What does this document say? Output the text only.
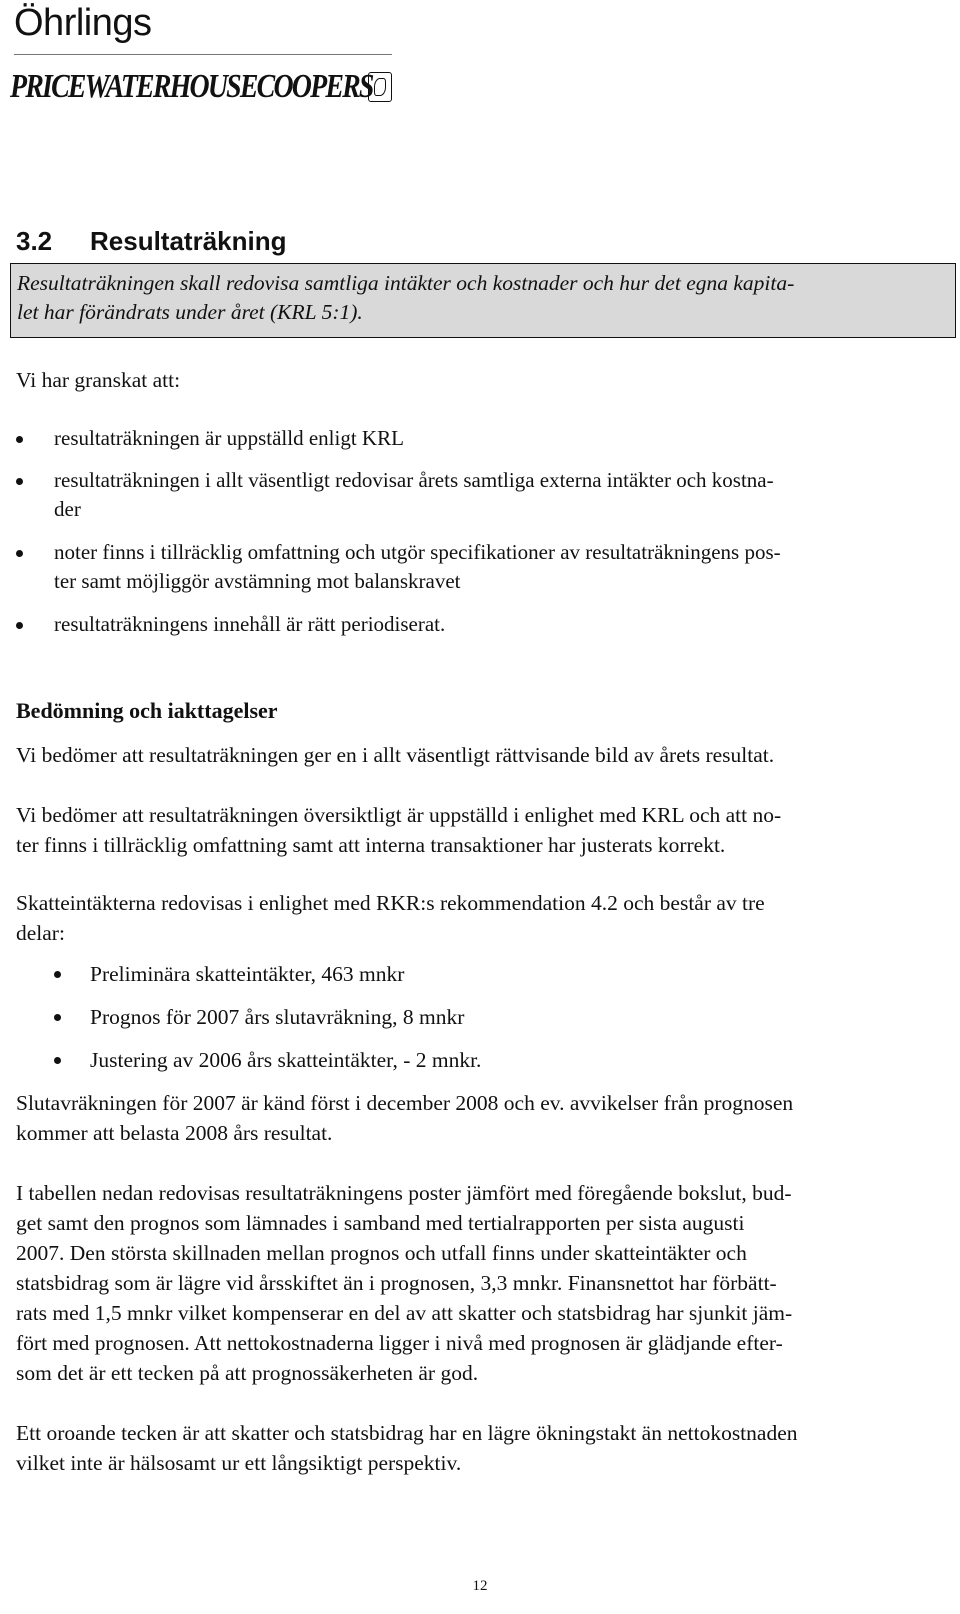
Öhrlings
PRICEWATERHOUSECOOPERS
3.2 Resultaträkning
Resultaträkningen skall redovisa samtliga intäkter och kostnader och hur det egna kapita-
let har förändrats under året (KRL 5:1).

Vi har granskat att:

resultaträkningen är uppställd enligt KRL
resultaträkningen i allt väsentligt redovisar årets samtliga externa intäkter och kostna-
der
noter finns i tillräcklig omfattning och utgör specifikationer av resultaträkningens pos-
ter samt möjliggör avstämning mot balanskravet
resultaträkningens innehåll är rätt periodiserat.
Bedömning och iakttagelser

Vi bedömer att resultaträkningen ger en i allt väsentligt rättvisande bild av årets resultat.

Vi bedömer att resultaträkningen översiktligt är uppställd i enlighet med KRL och att no-
ter finns i tillräcklig omfattning samt att interna transaktioner har justerats korrekt.

Skatteintäkterna redovisas i enlighet med RKR:s rekommendation 4.2 och består av tre
delar:

Preliminära skatteintäkter, 463 mnkr
Prognos för 2007 års slutavräkning, 8 mnkr
Justering av 2006 års skatteintäkter, - 2 mnkr.

Slutavräkningen för 2007 är känd först i december 2008 och ev. avvikelser från prognosen
kommer att belasta 2008 års resultat.

I tabellen nedan redovisas resultaträkningens poster jämfört med föregående bokslut, bud-
get samt den prognos som lämnades i samband med tertialrapporten per sista augusti
2007. Den största skillnaden mellan prognos och utfall finns under skatteintäkter och
statsbidrag som är lägre vid årsskiftet än i prognosen, 3,3 mnkr. Finansnettot har förbätt-
rats med 1,5 mnkr vilket kompenserar en del av att skatter och statsbidrag har sjunkit jäm-
fört med prognosen. Att nettokostnaderna ligger i nivå med prognosen är glädjande efter-
som det är ett tecken på att prognossäkerheten är god.

Ett oroande tecken är att skatter och statsbidrag har en lägre ökningstakt än nettokostnaden
vilket inte är hälsosamt ur ett långsiktigt perspektiv.

12
